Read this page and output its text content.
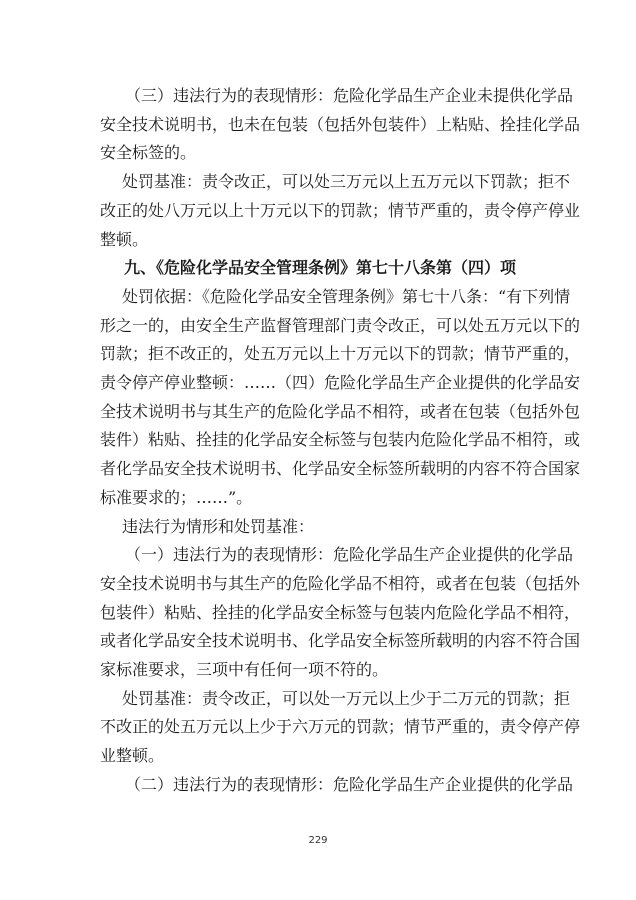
（三）违法行为的表现情形：危险化学品生产企业未提供化学品
安全技术说明书，也未在包装（包括外包装件）上粘贴、拴挂化学品
安全标签的。
处罚基准：责令改正，可以处三万元以上五万元以下罚款；拒不
改正的处八万元以上十万元以下的罚款；情节严重的，责令停产停业
整顿。
九、《危险化学品安全管理条例》第七十八条第（四）项
处罚依据：《危险化学品安全管理条例》第七十八条：“有下列情
形之一的，由安全生产监督管理部门责令改正，可以处五万元以下的
罚款；拒不改正的，处五万元以上十万元以下的罚款；情节严重的，
责令停产停业整顿：……（四）危险化学品生产企业提供的化学品安
全技术说明书与其生产的危险化学品不相符，或者在包装（包括外包
装件）粘贴、拴挂的化学品安全标签与包装内危险化学品不相符，或
者化学品安全技术说明书、化学品安全标签所载明的内容不符合国家
标准要求的；……”。
违法行为情形和处罚基准：
（一）违法行为的表现情形：危险化学品生产企业提供的化学品
安全技术说明书与其生产的危险化学品不相符，或者在包装（包括外
包装件）粘贴、拴挂的化学品安全标签与包装内危险化学品不相符，
或者化学品安全技术说明书、化学品安全标签所载明的内容不符合国
家标准要求，三项中有任何一项不符的。
处罚基准：责令改正，可以处一万元以上少于二万元的罚款；拒
不改正的处五万元以上少于六万元的罚款；情节严重的，责令停产停
业整顿。
（二）违法行为的表现情形：危险化学品生产企业提供的化学品
229
